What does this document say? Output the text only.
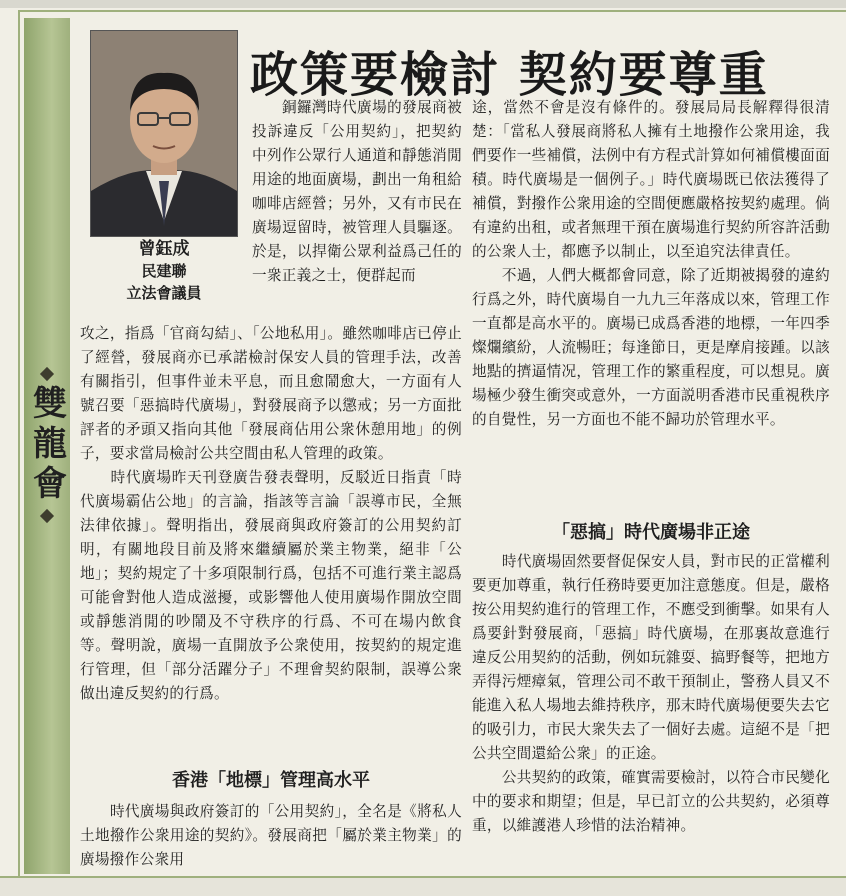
雙龍會
曾鈺成
民建聯
立法會議員
政策要檢討 契約要尊重
　　銅鑼灣時代廣場的發展商被投訴違反「公用契約」，把契約中列作公眾行人通道和靜態消閒用途的地面廣場，劃出一角租給咖啡店經營；另外，又有市民在廣場逗留時，被管理人員驅逐。於是，以捍衛公眾利益爲己任的一衆正義之士，便群起而
攻之，指爲「官商勾結」、「公地私用」。雖然咖啡店已停止了經營，發展商亦已承諾檢討保安人員的管理手法，改善有關指引，但事件並未平息，而且愈鬧愈大，一方面有人號召要「惡搞時代廣場」，對發展商予以懲戒；另一方面批評者的矛頭又指向其他「發展商佔用公衆休憩用地」的例子，要求當局檢討公共空間由私人管理的政策。
　　時代廣場昨天刊登廣告發表聲明，反駁近日指責「時代廣場霸佔公地」的言論，指該等言論「誤導市民，全無法律依據」。聲明指出，發展商與政府簽訂的公用契約訂明，有關地段目前及將來繼續屬於業主物業，絕非「公地」；契約規定了十多項限制行爲，包括不可進行業主認爲可能會對他人造成滋擾，或影響他人使用廣場作開放空間或靜態消閒的吵鬧及不守秩序的行爲、不可在場内飲食等。聲明說，廣場一直開放予公衆使用，按契約的規定進行管理，但「部分活躍分子」不理會契約限制，誤導公衆做出違反契約的行爲。
香港「地標」管理高水平
　　時代廣場與政府簽訂的「公用契約」，全名是《將私人土地撥作公衆用途的契約》。發展商把「屬於業主物業」的廣場撥作公衆用
途，當然不會是沒有條件的。發展局局長解釋得很清楚：「當私人發展商將私人擁有土地撥作公衆用途，我們要作一些補償，法例中有方程式計算如何補償樓面面積。時代廣場是一個例子。」時代廣場既已依法獲得了補償，對撥作公衆用途的空間便應嚴格按契約處理。倘有違約出租，或者無理干預在廣場進行契約所容許活動的公衆人士，都應予以制止，以至追究法律責任。
　　不過，人們大概都會同意，除了近期被揭發的違約行爲之外，時代廣場自一九九三年落成以來，管理工作一直都是高水平的。廣場已成爲香港的地標，一年四季燦爛繽紛，人流暢旺；每逢節日，更是摩肩接踵。以該地點的擠逼情况，管理工作的繁重程度，可以想見。廣場極少發生衝突或意外，一方面説明香港市民重視秩序的自覺性，另一方面也不能不歸功於管理水平。
「惡搞」時代廣場非正途
　　時代廣場固然要督促保安人員，對市民的正當權利要更加尊重，執行任務時要更加注意態度。但是，嚴格按公用契約進行的管理工作，不應受到衝擊。如果有人爲要針對發展商，「惡搞」時代廣場，在那裏故意進行違反公用契約的活動，例如玩雜耍、搞野餐等，把地方弄得污煙瘴氣，管理公司不敢干預制止，警務人員又不能進入私人場地去維持秩序，那末時代廣場便要失去它的吸引力，市民大衆失去了一個好去處。這絕不是「把公共空間還給公衆」的正途。
　　公共契約的政策，確實需要檢討，以符合市民變化中的要求和期望；但是，早已訂立的公共契約，必須尊重，以維護港人珍惜的法治精神。
